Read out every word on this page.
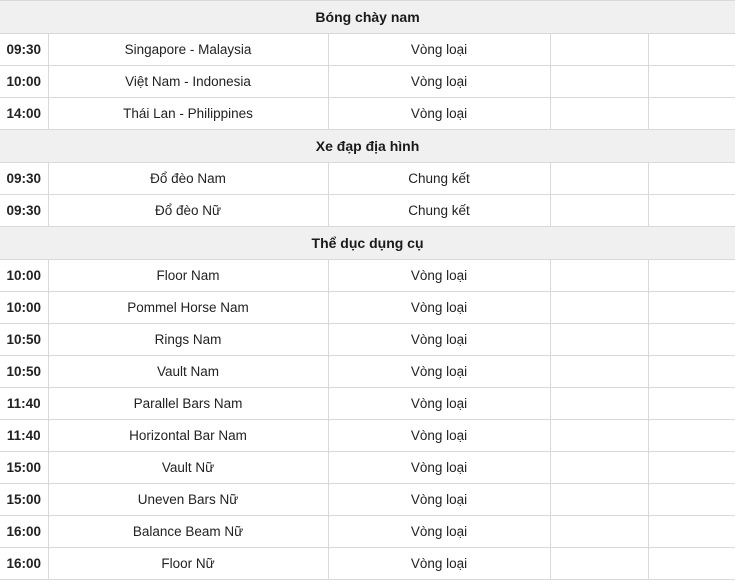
Bóng chày nam				
09:30	Singapore - Malaysia	Vòng loại		
10:00	Việt Nam - Indonesia	Vòng loại		
14:00	Thái Lan - Philippines	Vòng loại		
Xe đạp địa hình				
09:30	Đổ đèo Nam	Chung kết		
09:30	Đổ đèo Nữ	Chung kết		
Thể dục dụng cụ				
10:00	Floor Nam	Vòng loại		
10:00	Pommel Horse Nam	Vòng loại		
10:50	Rings Nam	Vòng loại		
10:50	Vault Nam	Vòng loại		
11:40	Parallel Bars Nam	Vòng loại		
11:40	Horizontal Bar Nam	Vòng loại		
15:00	Vault Nữ	Vòng loại		
15:00	Uneven Bars Nữ	Vòng loại		
16:00	Balance Beam Nữ	Vòng loại		
16:00	Floor Nữ	Vòng loại		
